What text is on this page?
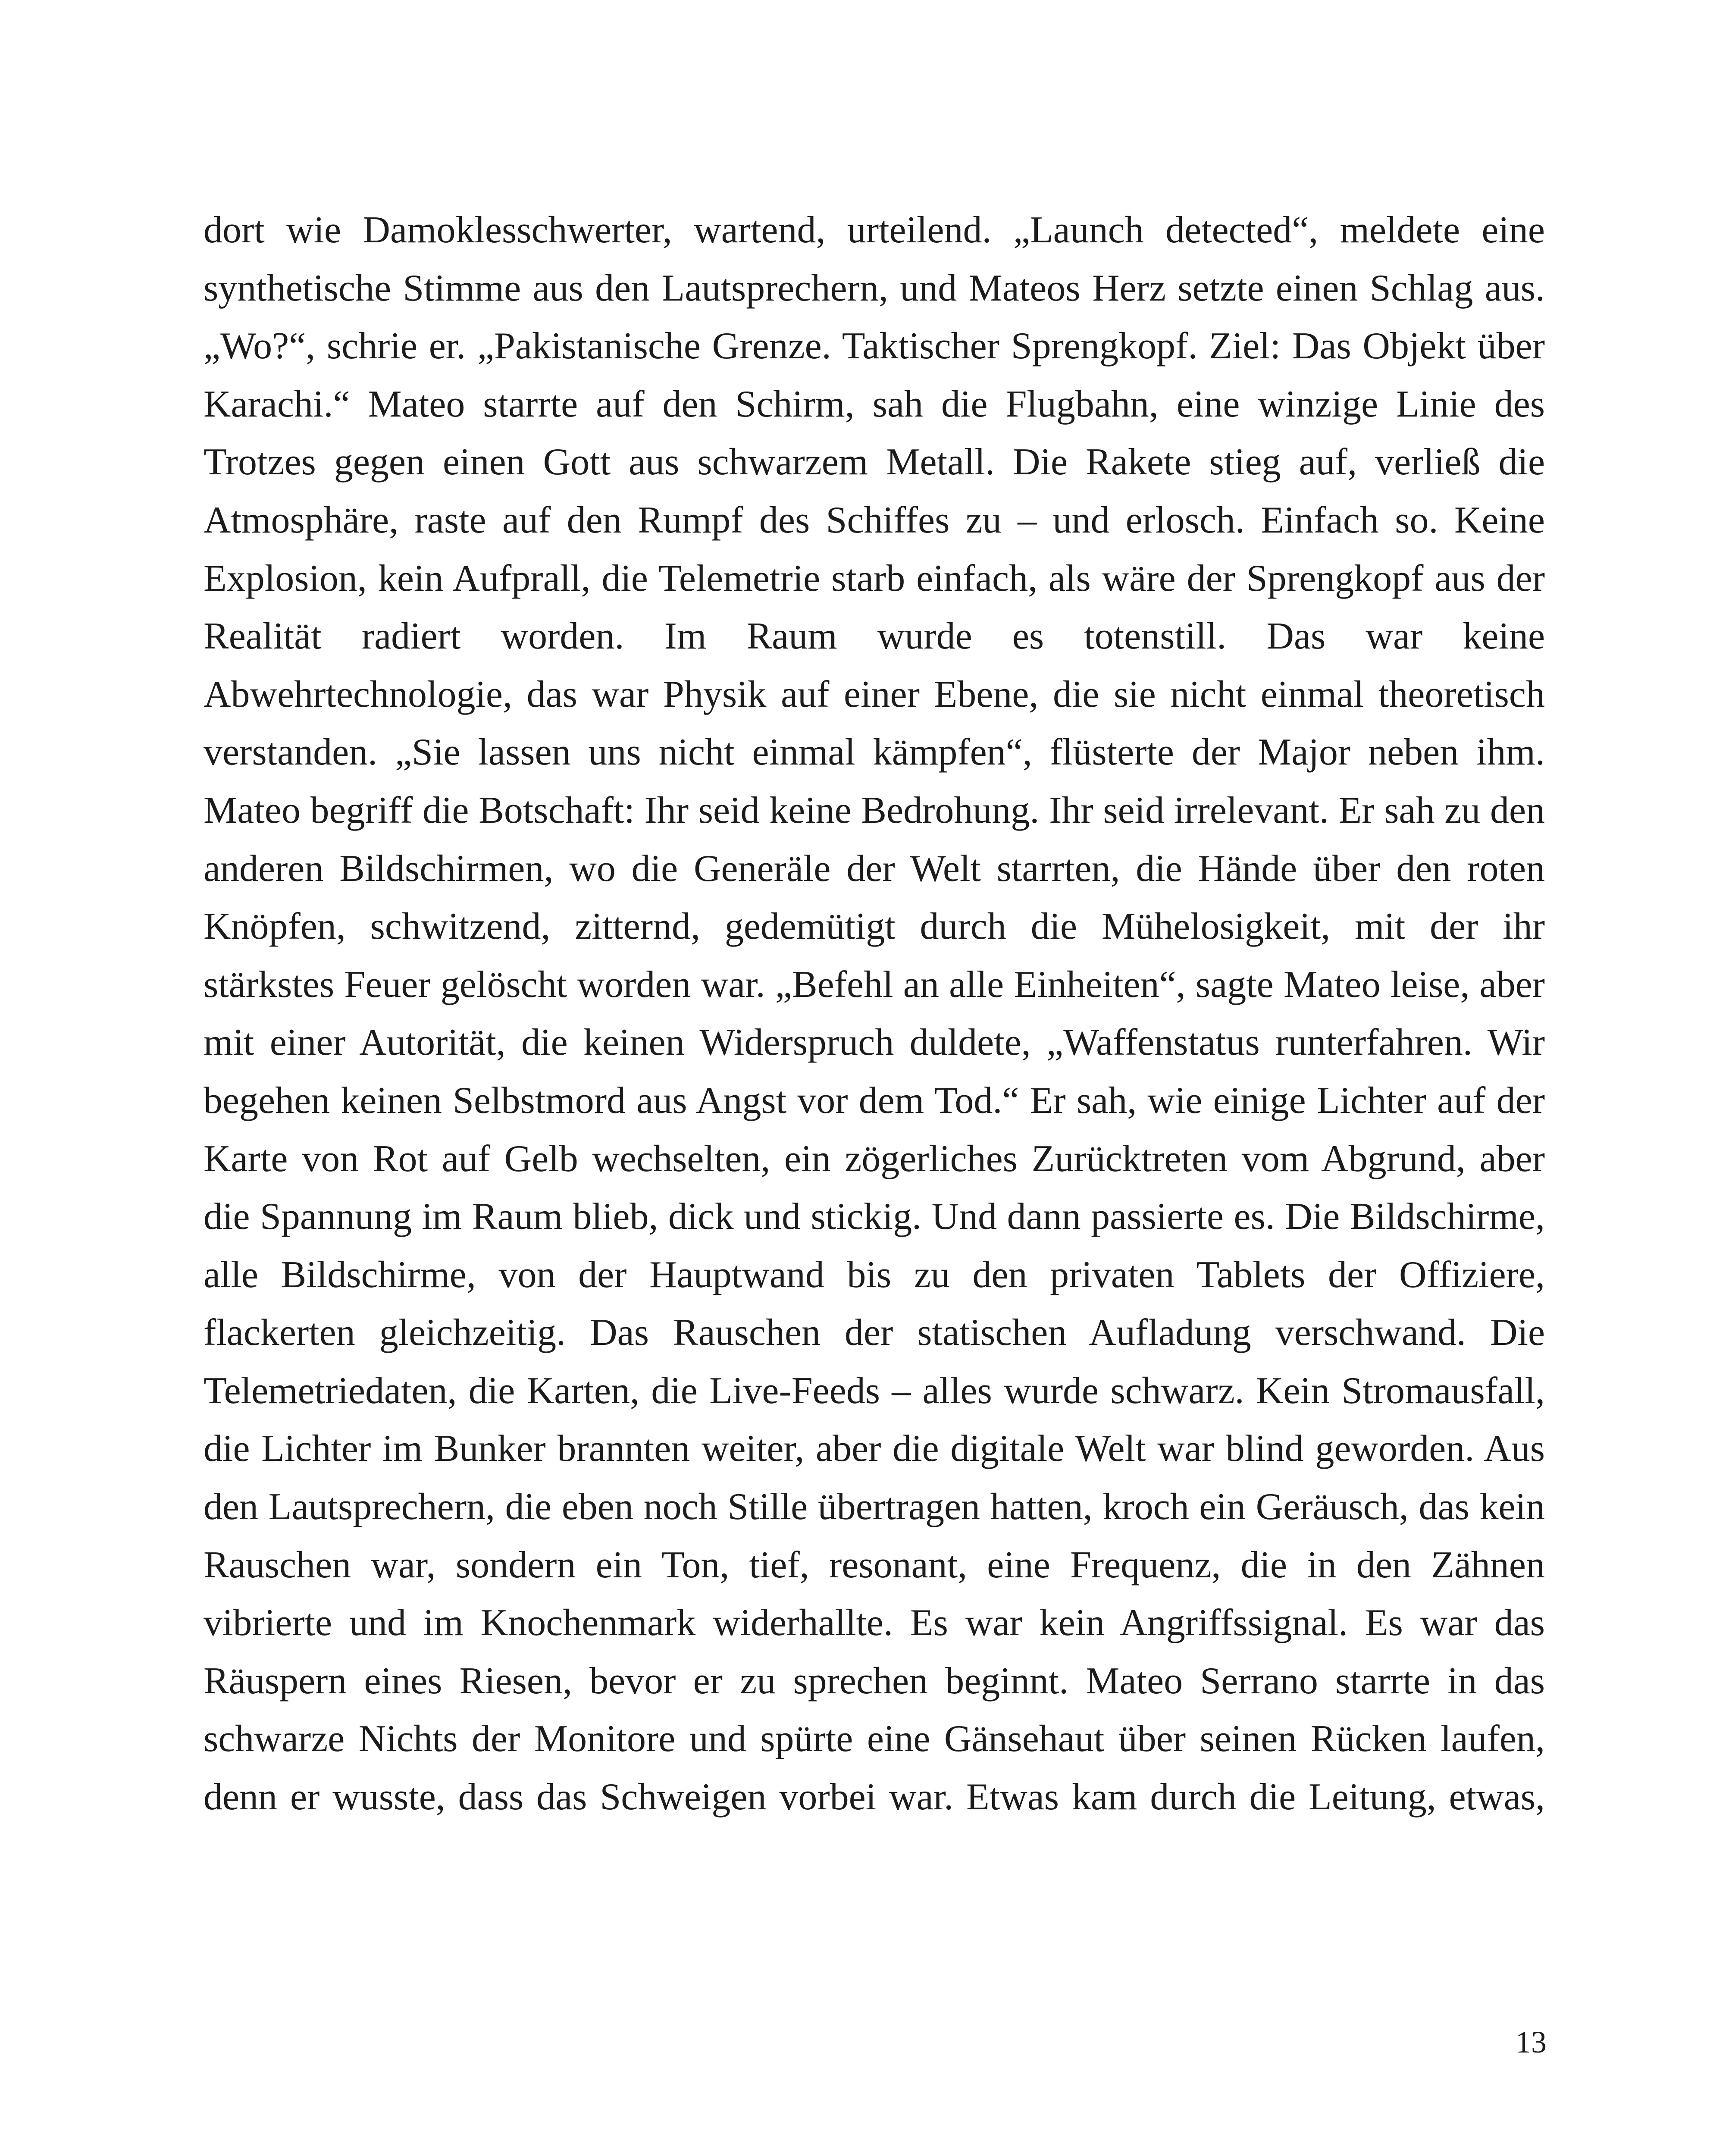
dort wie Damoklesschwerter, wartend, urteilend. „Launch detected“, meldete eine synthetische Stimme aus den Lautsprechern, und Mateos Herz setzte einen Schlag aus. „Wo?“, schrie er. „Pakistanische Grenze. Taktischer Sprengkopf. Ziel: Das Objekt über Karachi.“ Mateo starrte auf den Schirm, sah die Flugbahn, eine winzige Linie des Trotzes gegen einen Gott aus schwarzem Metall. Die Rakete stieg auf, verließ die Atmosphäre, raste auf den Rumpf des Schiffes zu – und erlosch. Einfach so. Keine Explosion, kein Aufprall, die Telemetrie starb einfach, als wäre der Sprengkopf aus der Realität radiert worden. Im Raum wurde es totenstill. Das war keine Abwehrtechnologie, das war Physik auf einer Ebene, die sie nicht einmal theoretisch verstanden. „Sie lassen uns nicht einmal kämpfen“, flüsterte der Major neben ihm. Mateo begriff die Botschaft: Ihr seid keine Bedrohung. Ihr seid irrelevant. Er sah zu den anderen Bildschirmen, wo die Generäle der Welt starrten, die Hände über den roten Knöpfen, schwitzend, zitternd, gedemütigt durch die Mühelosigkeit, mit der ihr stärkstes Feuer gelöscht worden war. „Befehl an alle Einheiten“, sagte Mateo leise, aber mit einer Autorität, die keinen Widerspruch duldete, „Waffenstatus runterfahren. Wir begehen keinen Selbstmord aus Angst vor dem Tod.“ Er sah, wie einige Lichter auf der Karte von Rot auf Gelb wechselten, ein zögerliches Zurücktreten vom Abgrund, aber die Spannung im Raum blieb, dick und stickig. Und dann passierte es. Die Bildschirme, alle Bildschirme, von der Hauptwand bis zu den privaten Tablets der Offiziere, flackerten gleichzeitig. Das Rauschen der statischen Aufladung verschwand. Die Telemetriedaten, die Karten, die Live-Feeds – alles wurde schwarz. Kein Stromausfall, die Lichter im Bunker brannten weiter, aber die digitale Welt war blind geworden. Aus den Lautsprechern, die eben noch Stille übertragen hatten, kroch ein Geräusch, das kein Rauschen war, sondern ein Ton, tief, resonant, eine Frequenz, die in den Zähnen vibrierte und im Knochenmark widerhallte. Es war kein Angriffssignal. Es war das Räuspern eines Riesen, bevor er zu sprechen beginnt. Mateo Serrano starrte in das schwarze Nichts der Monitore und spürte eine Gänsehaut über seinen Rücken laufen, denn er wusste, dass das Schweigen vorbei war. Etwas kam durch die Leitung, etwas,

13
